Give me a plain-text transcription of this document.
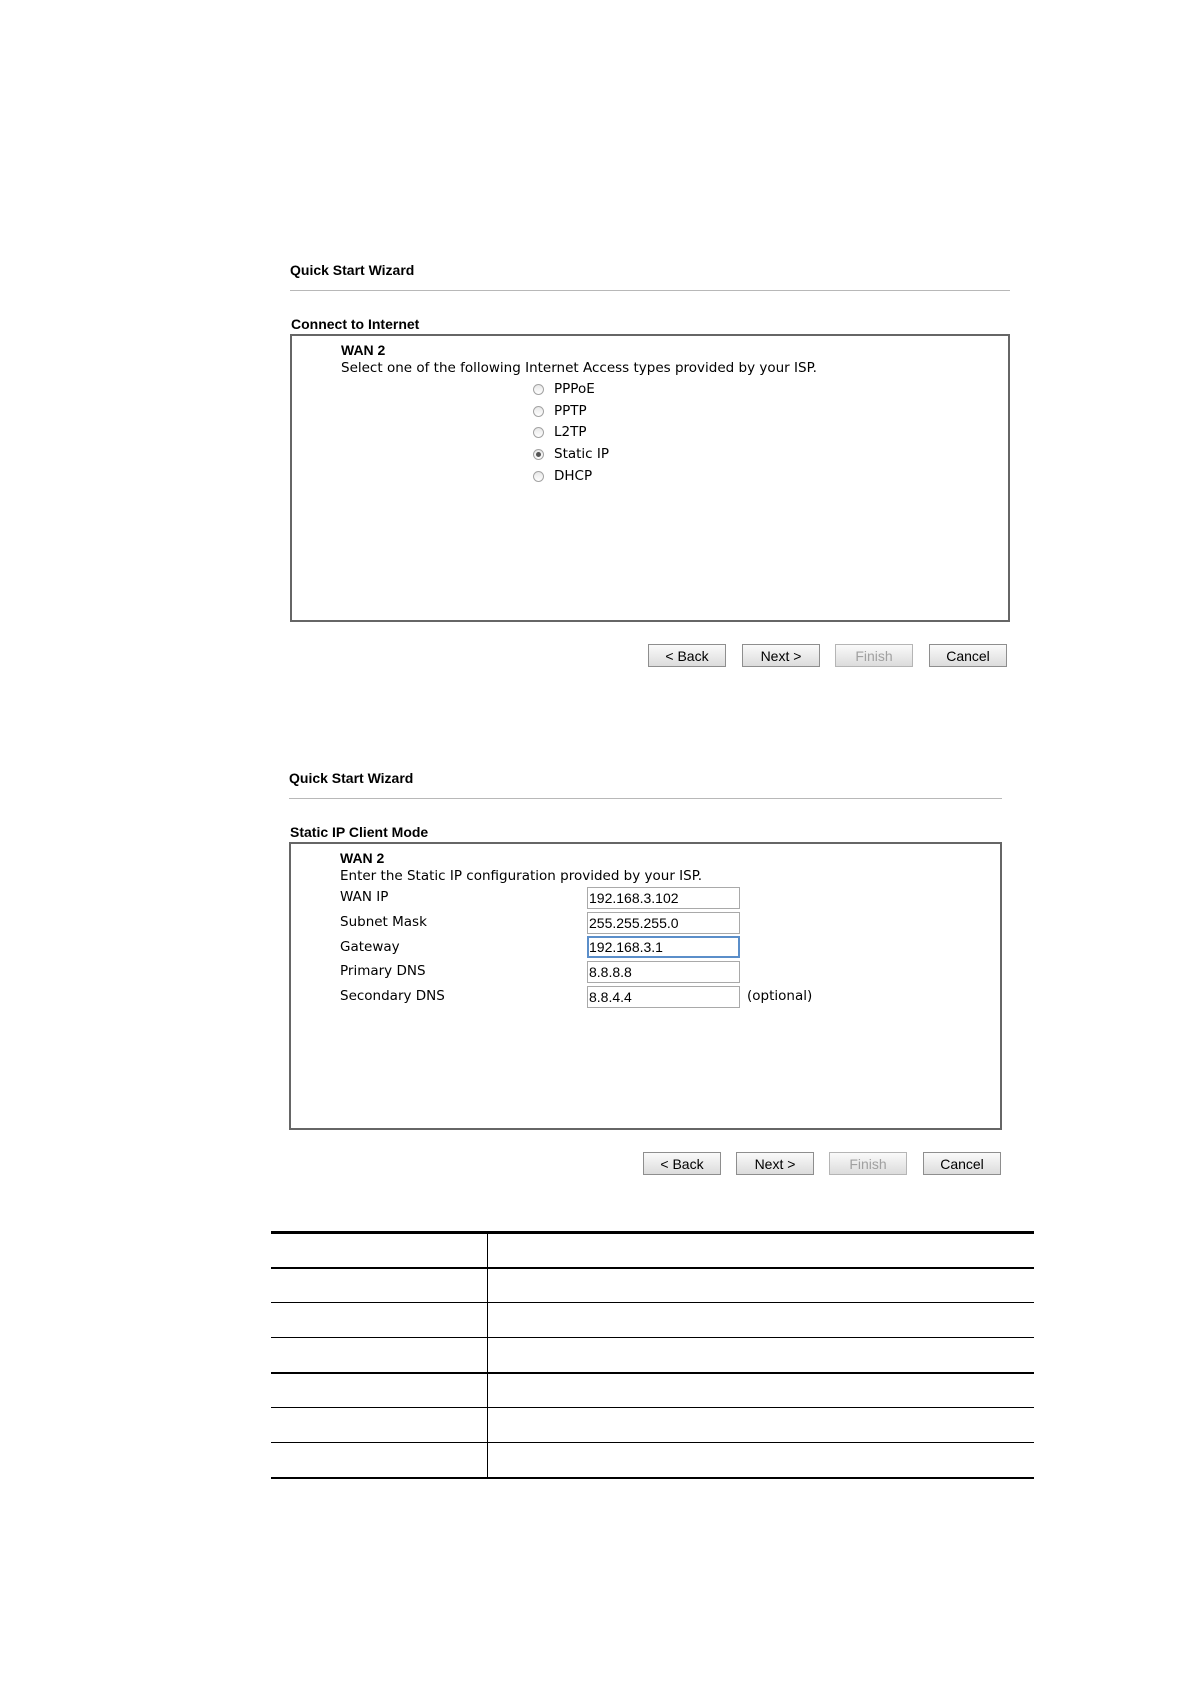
Quick Start Wizard
Connect to Internet
WAN 2
Select one of the following Internet Access types provided by your ISP.
PPPoE
PPTP
L2TP
Static IP
DHCP
< Back	Next >	Finish	Cancel
Quick Start Wizard
Static IP Client Mode
WAN 2
Enter the Static IP configuration provided by your ISP.
WAN IP
192.168.3.102
Subnet Mask
255.255.255.0
Gateway
192.168.3.1
Primary DNS
8.8.8.8
Secondary DNS
8.8.4.4	(optional)
< Back	Next >	Finish	Cancel
